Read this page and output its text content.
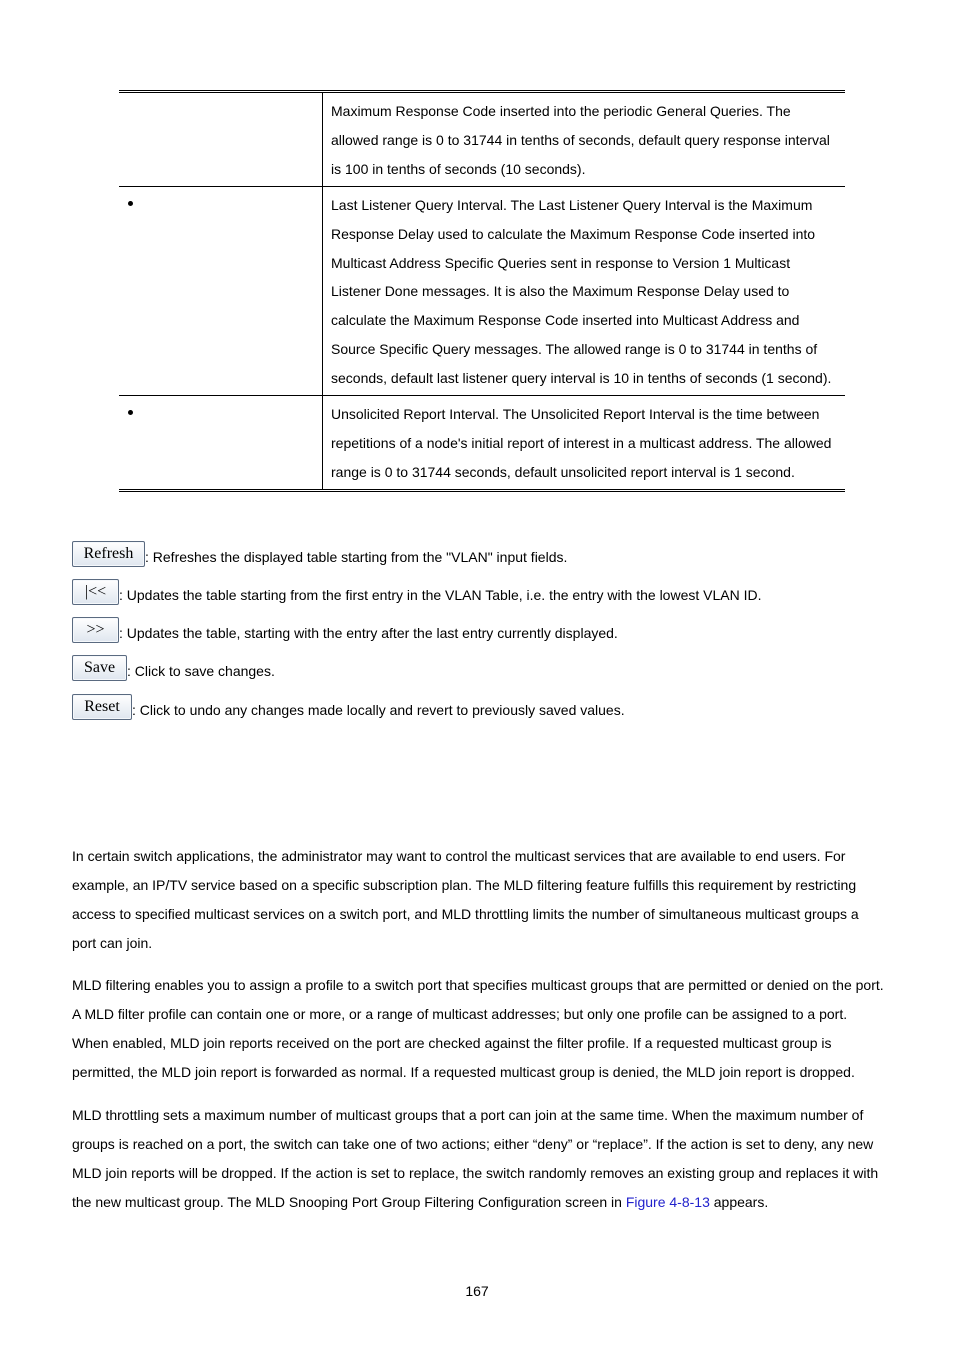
	Maximum Response Code inserted into the periodic General Queries. The allowed range is 0 to 31744 in tenths of seconds, default query response interval is 100 in tenths of seconds (10 seconds).
	Last Listener Query Interval. The Last Listener Query Interval is the Maximum Response Delay used to calculate the Maximum Response Code inserted into Multicast Address Specific Queries sent in response to Version 1 Multicast Listener Done messages. It is also the Maximum Response Delay used to calculate the Maximum Response Code inserted into Multicast Address and Source Specific Query messages. The allowed range is 0 to 31744 in tenths of seconds, default last listener query interval is 10 in tenths of seconds (1 second).
	Unsolicited Report Interval. The Unsolicited Report Interval is the time between repetitions of a node's initial report of interest in a multicast address. The allowed range is 0 to 31744 seconds, default unsolicited report interval is 1 second.
Refresh : Refreshes the displayed table starting from the "VLAN" input fields.
|<< : Updates the table starting from the first entry in the VLAN Table, i.e. the entry with the lowest VLAN ID.
>>	: Updates the table, starting with the entry after the last entry currently displayed.
Save : Click to save changes.
Reset : Click to undo any changes made locally and revert to previously saved values.

In certain switch applications, the administrator may want to control the multicast services that are available to end users. For example, an IP/TV service based on a specific subscription plan. The MLD filtering feature fulfills this requirement by restricting access to specified multicast services on a switch port, and MLD throttling limits the number of simultaneous multicast groups a port can join.

MLD filtering enables you to assign a profile to a switch port that specifies multicast groups that are permitted or denied on the port. A MLD filter profile can contain one or more, or a range of multicast addresses; but only one profile can be assigned to a port. When enabled, MLD join reports received on the port are checked against the filter profile. If a requested multicast group is permitted, the MLD join report is forwarded as normal. If a requested multicast group is denied, the MLD join report is dropped.

MLD throttling sets a maximum number of multicast groups that a port can join at the same time. When the maximum number of groups is reached on a port, the switch can take one of two actions; either “deny” or “replace”. If the action is set to deny, any new MLD join reports will be dropped. If the action is set to replace, the switch randomly removes an existing group and replaces it with the new multicast group. The MLD Snooping Port Group Filtering Configuration screen in Figure 4-8-13 appears.

167
